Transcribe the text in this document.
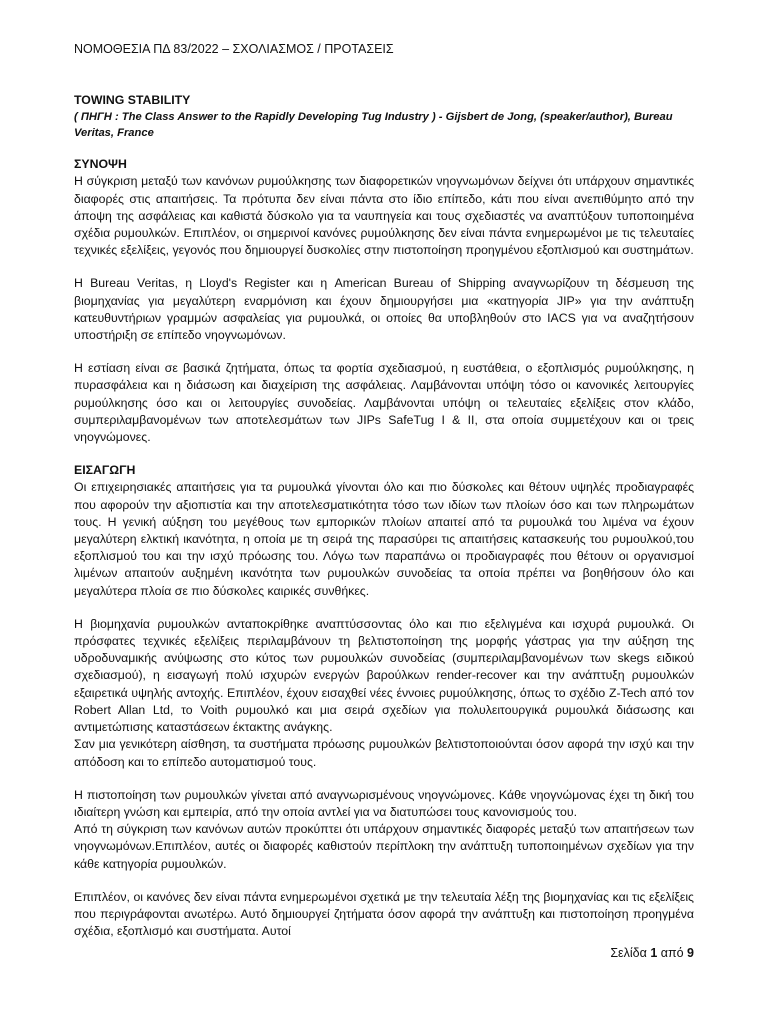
ΝΟΜΟΘΕΣΙΑ ΠΔ 83/2022 – ΣΧΟΛΙΑΣΜΟΣ / ΠΡΟΤΑΣΕΙΣ
TOWING STABILITY
( ΠΗΓΗ : The Class Answer to the Rapidly Developing Tug Industry ) - Gijsbert de Jong, (speaker/author), Bureau Veritas, France
ΣΥΝΟΨΗ

Η σύγκριση μεταξύ των κανόνων ρυμούλκησης των διαφορετικών νηογνωμόνων δείχνει ότι υπάρχουν σημαντικές διαφορές στις απαιτήσεις. Τα πρότυπα δεν είναι πάντα στο ίδιο επίπεδο, κάτι που είναι ανεπιθύμητο από την άποψη της ασφάλειας και καθιστά δύσκολο για τα ναυπηγεία και τους σχεδιαστές να αναπτύξουν τυποποιημένα σχέδια ρυμουλκών. Επιπλέον, οι σημερινοί κανόνες ρυμούλκησης δεν είναι πάντα ενημερωμένοι με τις τελευταίες τεχνικές εξελίξεις, γεγονός που δημιουργεί δυσκολίες στην πιστοποίηση προηγμένου εξοπλισμού και συστημάτων.

Η Bureau Veritas, η Lloyd's Register και η American Bureau of Shipping αναγνωρίζουν τη δέσμευση της βιομηχανίας για μεγαλύτερη εναρμόνιση και έχουν δημιουργήσει μια «κατηγορία JIP» για την ανάπτυξη κατευθυντήριων γραμμών ασφαλείας για ρυμουλκά, οι οποίες θα υποβληθούν στο IACS για να αναζητήσουν υποστήριξη σε επίπεδο νηογνωμόνων.

Η εστίαση είναι σε βασικά ζητήματα, όπως τα φορτία σχεδιασμού, η ευστάθεια, ο εξοπλισμός ρυμούλκησης, η πυρασφάλεια και η διάσωση και διαχείριση της ασφάλειας. Λαμβάνονται υπόψη τόσο οι κανονικές λειτουργίες ρυμούλκησης όσο και οι λειτουργίες συνοδείας. Λαμβάνονται υπόψη οι τελευταίες εξελίξεις στον κλάδο, συμπεριλαμβανομένων των αποτελεσμάτων των JIPs SafeTug I & II, στα οποία συμμετέχουν και οι τρεις νηογνώμονες.

ΕΙΣΑΓΩΓΗ

Οι επιχειρησιακές απαιτήσεις για τα ρυμουλκά γίνονται όλο και πιο δύσκολες και θέτουν υψηλές προδιαγραφές που αφορούν την αξιοπιστία και την αποτελεσματικότητα τόσο των ιδίων των πλοίων όσο και των πληρωμάτων τους. Η γενική αύξηση του μεγέθους των εμπορικών πλοίων απαιτεί από τα ρυμουλκά του λιμένα να έχουν μεγαλύτερη ελκτική ικανότητα, η οποία με τη σειρά της παρασύρει τις απαιτήσεις κατασκευής του ρυμουλκού,του εξοπλισμού του και την ισχύ πρόωσης του. Λόγω των παραπάνω οι προδιαγραφές που θέτουν οι οργανισμοί λιμένων απαιτούν αυξημένη ικανότητα των ρυμουλκών συνοδείας τα οποία πρέπει να βοηθήσουν όλο και μεγαλύτερα πλοία σε πιο δύσκολες καιρικές συνθήκες.

Η βιομηχανία ρυμουλκών ανταποκρίθηκε αναπτύσσοντας όλο και πιο εξελιγμένα και ισχυρά ρυμουλκά. Οι πρόσφατες τεχνικές εξελίξεις περιλαμβάνουν τη βελτιστοποίηση της μορφής γάστρας για την αύξηση της υδροδυναμικής ανύψωσης στο κύτος των ρυμουλκών συνοδείας (συμπεριλαμβανομένων των skegs ειδικού σχεδιασμού), η εισαγωγή πολύ ισχυρών ενεργών βαρούλκων render-recover και την ανάπτυξη ρυμουλκών εξαιρετικά υψηλής αντοχής. Επιπλέον, έχουν εισαχθεί νέες έννοιες ρυμούλκησης, όπως το σχέδιο Z-Tech από τον Robert Allan Ltd, το Voith ρυμουλκό και μια σειρά σχεδίων για πολυλειτουργικά ρυμουλκά διάσωσης και αντιμετώπισης καταστάσεων έκτακτης ανάγκης.

Σαν μια γενικότερη αίσθηση, τα συστήματα πρόωσης ρυμουλκών βελτιστοποιούνται όσον αφορά την ισχύ και την απόδοση και το επίπεδο αυτοματισμού τους.

Η πιστοποίηση των ρυμουλκών γίνεται από αναγνωρισμένους νηογνώμονες. Κάθε νηογνώμονας έχει τη δική του ιδιαίτερη γνώση και εμπειρία, από την οποία αντλεί για να διατυπώσει τους κανονισμούς του.

Από τη σύγκριση των κανόνων αυτών προκύπτει ότι υπάρχουν σημαντικές διαφορές μεταξύ των απαιτήσεων των νηογνωμόνων.Επιπλέον, αυτές οι διαφορές καθιστούν περίπλοκη την ανάπτυξη τυποποιημένων σχεδίων για την κάθε κατηγορία ρυμουλκών.

Επιπλέον, οι κανόνες δεν είναι πάντα ενημερωμένοι σχετικά με την τελευταία λέξη της βιομηχανίας και τις εξελίξεις που περιγράφονται ανωτέρω. Αυτό δημιουργεί ζητήματα όσον αφορά την ανάπτυξη και πιστοποίηση προηγμένα σχέδια, εξοπλισμό και συστήματα. Αυτοί

Σελίδα 1 από 9
